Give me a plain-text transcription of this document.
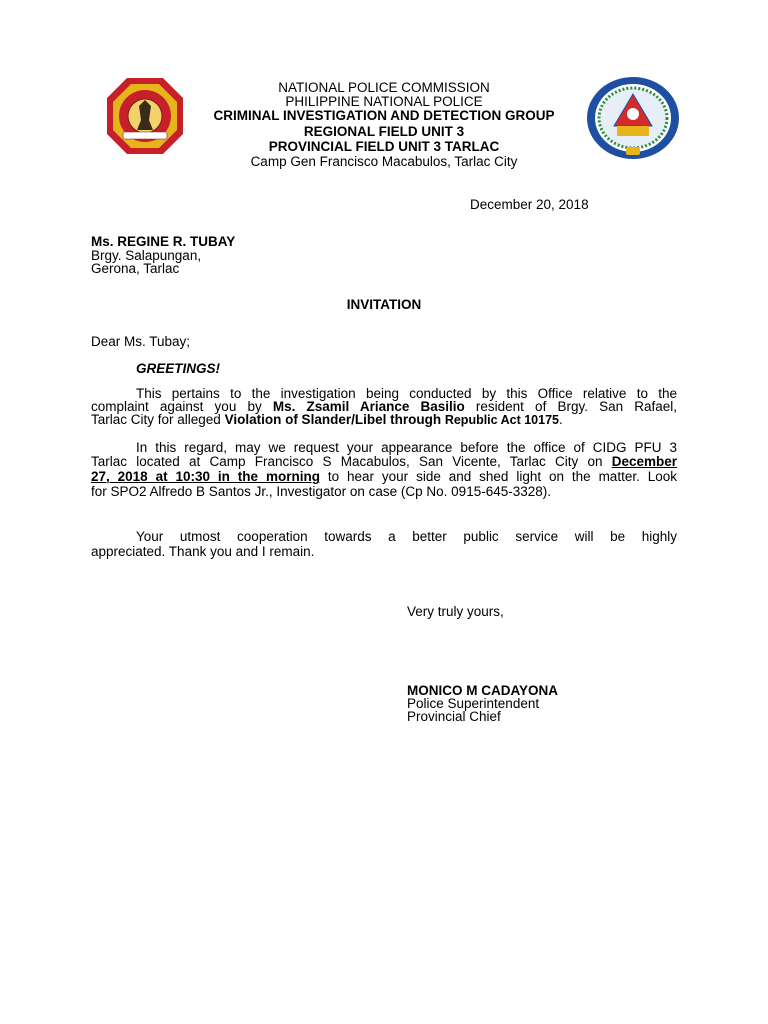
NATIONAL POLICE COMMISSION
PHILIPPINE NATIONAL POLICE
CRIMINAL INVESTIGATION AND DETECTION GROUP
REGIONAL FIELD UNIT 3
PROVINCIAL FIELD UNIT 3 TARLAC
Camp Gen Francisco Macabulos, Tarlac City
December 20, 2018
Ms. REGINE R. TUBAY
Brgy. Salapungan,
Gerona, Tarlac
INVITATION
Dear Ms. Tubay;
GREETINGS!
This pertains to the investigation being conducted by this Office relative to the
complaint against you by Ms. Zsamil Ariance Basilio resident of Brgy. San Rafael,
Tarlac City for alleged Violation of Slander/Libel through Republic Act 10175.
In this regard, may we request your appearance before the office of CIDG PFU 3
Tarlac located at Camp Francisco S Macabulos, San Vicente, Tarlac City on December
27, 2018 at 10:30 in the morning to hear your side and shed light on the matter. Look
for SPO2 Alfredo B Santos Jr., Investigator on case (Cp No. 0915-645-3328).
Your utmost cooperation towards a better public service will be highly
appreciated. Thank you and I remain.
Very truly yours,
MONICO M CADAYONA
Police Superintendent
Provincial Chief
